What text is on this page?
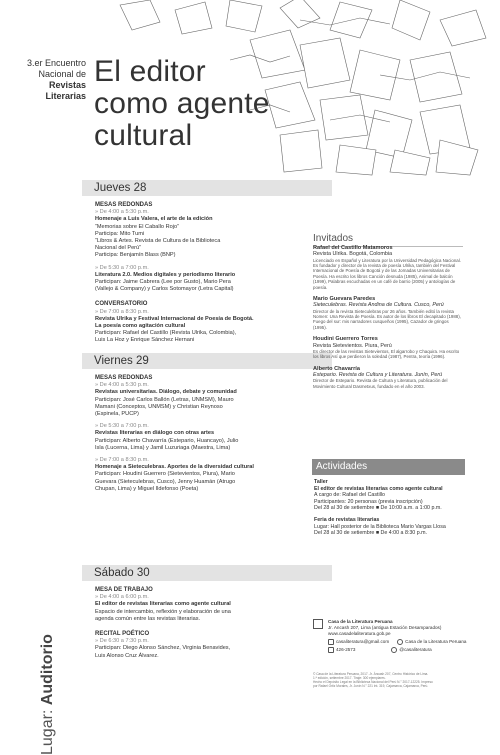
3.er Encuentro
Nacional de
Revistas
Literarias
El editor
como agente
cultural
Lugar: Auditorio
Jueves 28
MESAS REDONDAS
» De 4:00 a 5:30 p.m.
Homenaje a Luis Valera, el arte de la edición
“Memorias sobre El Caballo Rojo”
Participa: Mito Tumi
“Libros & Artes. Revista de Cultura de la Biblioteca
Nacional del Perú”
Participa: Benjamín Blass (BNP)
» De 5:30 a 7:00 p.m.
Literatura 2.0. Medios digitales y periodismo literario
Participan: Jaime Cabrera (Lee por Gusto), Mario Pera
(Vallejo & Company) y Carlos Sotomayor (Letra Capital)
CONVERSATORIO
» De 7:00 a 8:30 p.m.
Revista Ulrika y Festival Internacional de Poesía de Bogotá.
La poesía como agitación cultural
Participan: Rafael del Castillo (Revista Ulrika, Colombia),
Luis La Hoz y Enrique Sánchez Hernani
Viernes 29
MESAS REDONDAS
» De 4:00 a 5:30 p.m.
Revistas universitarias. Diálogo, debate y comunidad
Participan: José Carlos Ballón (Letras, UNMSM), Mauro
Mamani (Conceptos, UNMSM) y Christian Reynoso
(Espinela, PUCP)
» De 5:30 a 7:00 p.m.
Revistas literarias en diálogo con otras artes
Participan: Alberto Chavarría (Estepario, Huancayo), Julio
Isla (Lucerna, Lima) y Jamil Luzuriaga (Maestra, Lima)
» De 7:00 a 8:30 p.m.
Homenaje a Sieteculebras. Aportes de la diversidad cultural
Participan: Houdini Guerrero (Sietevientos, Piura), Mario
Guevara (Sieteculebras, Cusco), Jenny Huamán (Atrugo
Chupan, Lima) y Miguel Ildefonso (Poeta)
Sábado 30
MESA DE TRABAJO
» De 4:00 a 6:00 p.m.
El editor de revistas literarias como agente cultural
Espacio de intercambio, reflexión y elaboración de una
agenda común entre las revistas literarias.
RECITAL POÉTICO
» De 6:30 a 7:30 p.m.
Participan: Diego Alonso Sánchez, Virginia Benavides,
Luis Alonso Cruz Álvarez.
Invitados
Rafael del Castillo Matamoros
Revista Ulrika. Bogotá, Colombia
Licenciado en Español y Literatura por la Universidad Pedagógica Nacional. Es fundador y director de la revista de poesía Ulrika, también del Festival Internacional de Poesía de Bogotá y de las Jornadas Universitarias de Poesía. Ha escrito los libros Canción desnuda (1985), Animal de balcón (1999), Palabras escuchadas en un café de barrio (2005) y antologías de poesía.
Mario Guevara Paredes
Sieteculebras. Revista Andina de Cultura. Cusco, Perú
Director de la revista Sieteculebras por 26 años. También editó la revista Nomen: Una Revista de Poesía. Es autor de los libros El decapitado (1988), Fuego del sur: mis narradores cusqueños (1995), Cazador de gringos (1995).
Houdini Guerrero Torres
Revista Sietevientos. Piura, Perú
Es director de las revistas Sietevientos, El algarrobo y Chaquira. Ha escrito los libros Así que perdieron la soledad (1987), Pentra, teoría (1996).
Alberto Chavarría
Estepario. Revista de Cultura y Literatura. Junín, Perú
Director de Estepario. Revista de Cultura y Literatura, publicación del Movimiento Cultural Dasmetxus, fundado en el año 2003.
Actividades
Taller
El editor de revistas literarias como agente cultural
A cargo de: Rafael del Castillo
Participantes: 20 personas (previa inscripción)
Del 28 al 30 de setiembre ■ De 10:00 a.m. a 1:00 p.m.
Feria de revistas literarias
Lugar: Hall posterior de la Biblioteca Mario Vargas Llosa
Del 28 al 30 de setiembre ■ De 4:00 a 8:30 p.m.
Casa de la Literatura Peruana
Jr. Ancash 207, Lima (antigua Estación Desamparados)
www.casadelaliteratura.gob.pe
casaliteratura@gmail.com	Casa de la Literatura Peruana
426-2573	@casaliteratura
© Casa de la Literatura Peruana, 2017. Jr. Áncash 207, Centro Histórico de Lima.
1.ª edición, setiembre 2017. Tiraje: 300 ejemplares.
Hecho el Depósito Legal en la Biblioteca Nacional del Perú N.° 2017-12225. Impreso
por Rafael Ortiz Morales, Jr. Junín N.° 221 Int. 319, Cajamarca, Cajamarca, Perú.
